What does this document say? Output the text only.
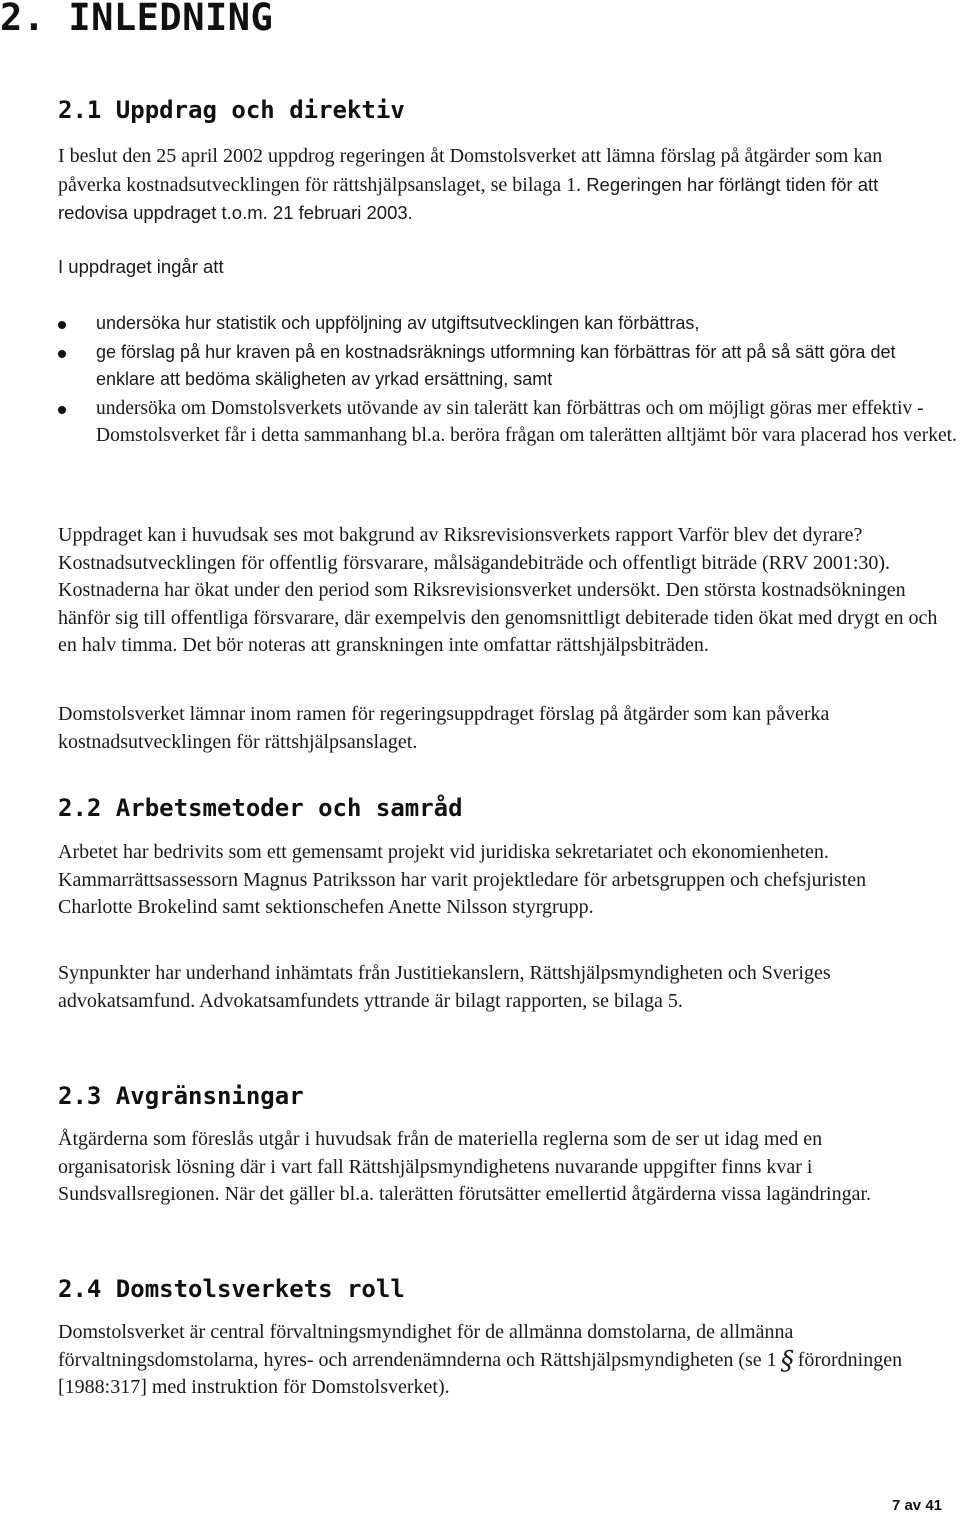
2. INLEDNING
2.1 Uppdrag och direktiv

I beslut den 25 april 2002 uppdrog regeringen åt Domstolsverket att lämna förslag på åtgärder som kan påverka kostnadsutvecklingen för rättshjälpsanslaget, se bilaga 1. Regeringen har förlängt tiden för att redovisa uppdraget t.o.m. 21 februari 2003.

I uppdraget ingår att

undersöka hur statistik och uppföljning av utgiftsutvecklingen kan förbättras,
ge förslag på hur kraven på en kostnadsräknings utformning kan förbättras för att på så sätt göra det enklare att bedöma skäligheten av yrkad ersättning, samt
undersöka om Domstolsverkets utövande av sin talerätt kan förbättras och om möjligt göras mer effektiv - Domstolsverket får i detta sammanhang bl.a. beröra frågan om talerätten alltjämt bör vara placerad hos verket.

Uppdraget kan i huvudsak ses mot bakgrund av Riksrevisionsverkets rapport Varför blev det dyrare? Kostnadsutvecklingen för offentlig försvarare, målsägandebiträde och offentligt biträde (RRV 2001:30). Kostnaderna har ökat under den period som Riksrevisionsverket undersökt. Den största kostnadsökningen hänför sig till offentliga försvarare, där exempelvis den genomsnittligt debiterade tiden ökat med drygt en och en halv timma. Det bör noteras att granskningen inte omfattar rättshjälpsbiträden.

Domstolsverket lämnar inom ramen för regeringsuppdraget förslag på åtgärder som kan påverka kostnadsutvecklingen för rättshjälpsanslaget.

2.2 Arbetsmetoder och samråd

Arbetet har bedrivits som ett gemensamt projekt vid juridiska sekretariatet och ekonomienheten. Kammarrättsassessorn Magnus Patriksson har varit projektledare för arbetsgruppen och chefsjuristen Charlotte Brokelind samt sektionschefen Anette Nilsson styrgrupp.

Synpunkter har underhand inhämtats från Justitiekanslern, Rättshjälpsmyndigheten och Sveriges advokatsamfund. Advokatsamfundets yttrande är bilagt rapporten, se bilaga 5.

2.3 Avgränsningar

Åtgärderna som föreslås utgår i huvudsak från de materiella reglerna som de ser ut idag med en organisatorisk lösning där i vart fall Rättshjälpsmyndighetens nuvarande uppgifter finns kvar i Sundsvallsregionen. När det gäller bl.a. talerätten förutsätter emellertid åtgärderna vissa lagändringar.

2.4 Domstolsverkets roll

Domstolsverket är central förvaltningsmyndighet för de allmänna domstolarna, de allmänna förvaltningsdomstolarna, hyres- och arrendenämnderna och Rättshjälpsmyndigheten (se 1 § förordningen [1988:317] med instruktion för Domstolsverket).

7 av 41
